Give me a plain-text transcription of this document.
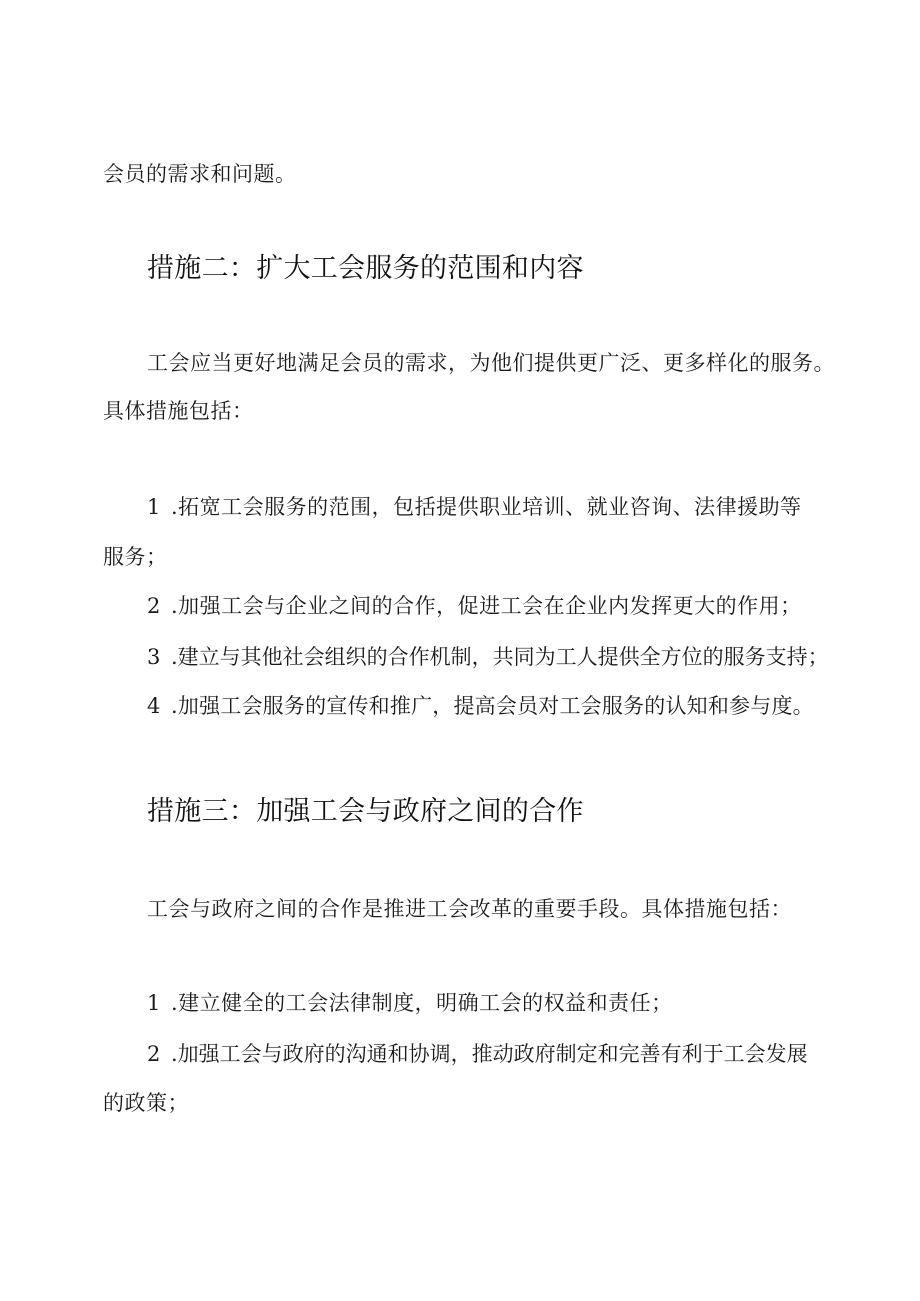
会员的需求和问题。
措施二：扩大工会服务的范围和内容
工会应当更好地满足会员的需求，为他们提供更广泛、更多样化的服务。
具体措施包括：
1 .拓宽工会服务的范围，包括提供职业培训、就业咨询、法律援助等
服务；
2 .加强工会与企业之间的合作，促进工会在企业内发挥更大的作用；
3 .建立与其他社会组织的合作机制，共同为工人提供全方位的服务支持；
4 .加强工会服务的宣传和推广，提高会员对工会服务的认知和参与度。
措施三：加强工会与政府之间的合作
工会与政府之间的合作是推进工会改革的重要手段。具体措施包括：
1 .建立健全的工会法律制度，明确工会的权益和责任；
2 .加强工会与政府的沟通和协调，推动政府制定和完善有利于工会发展
的政策；
